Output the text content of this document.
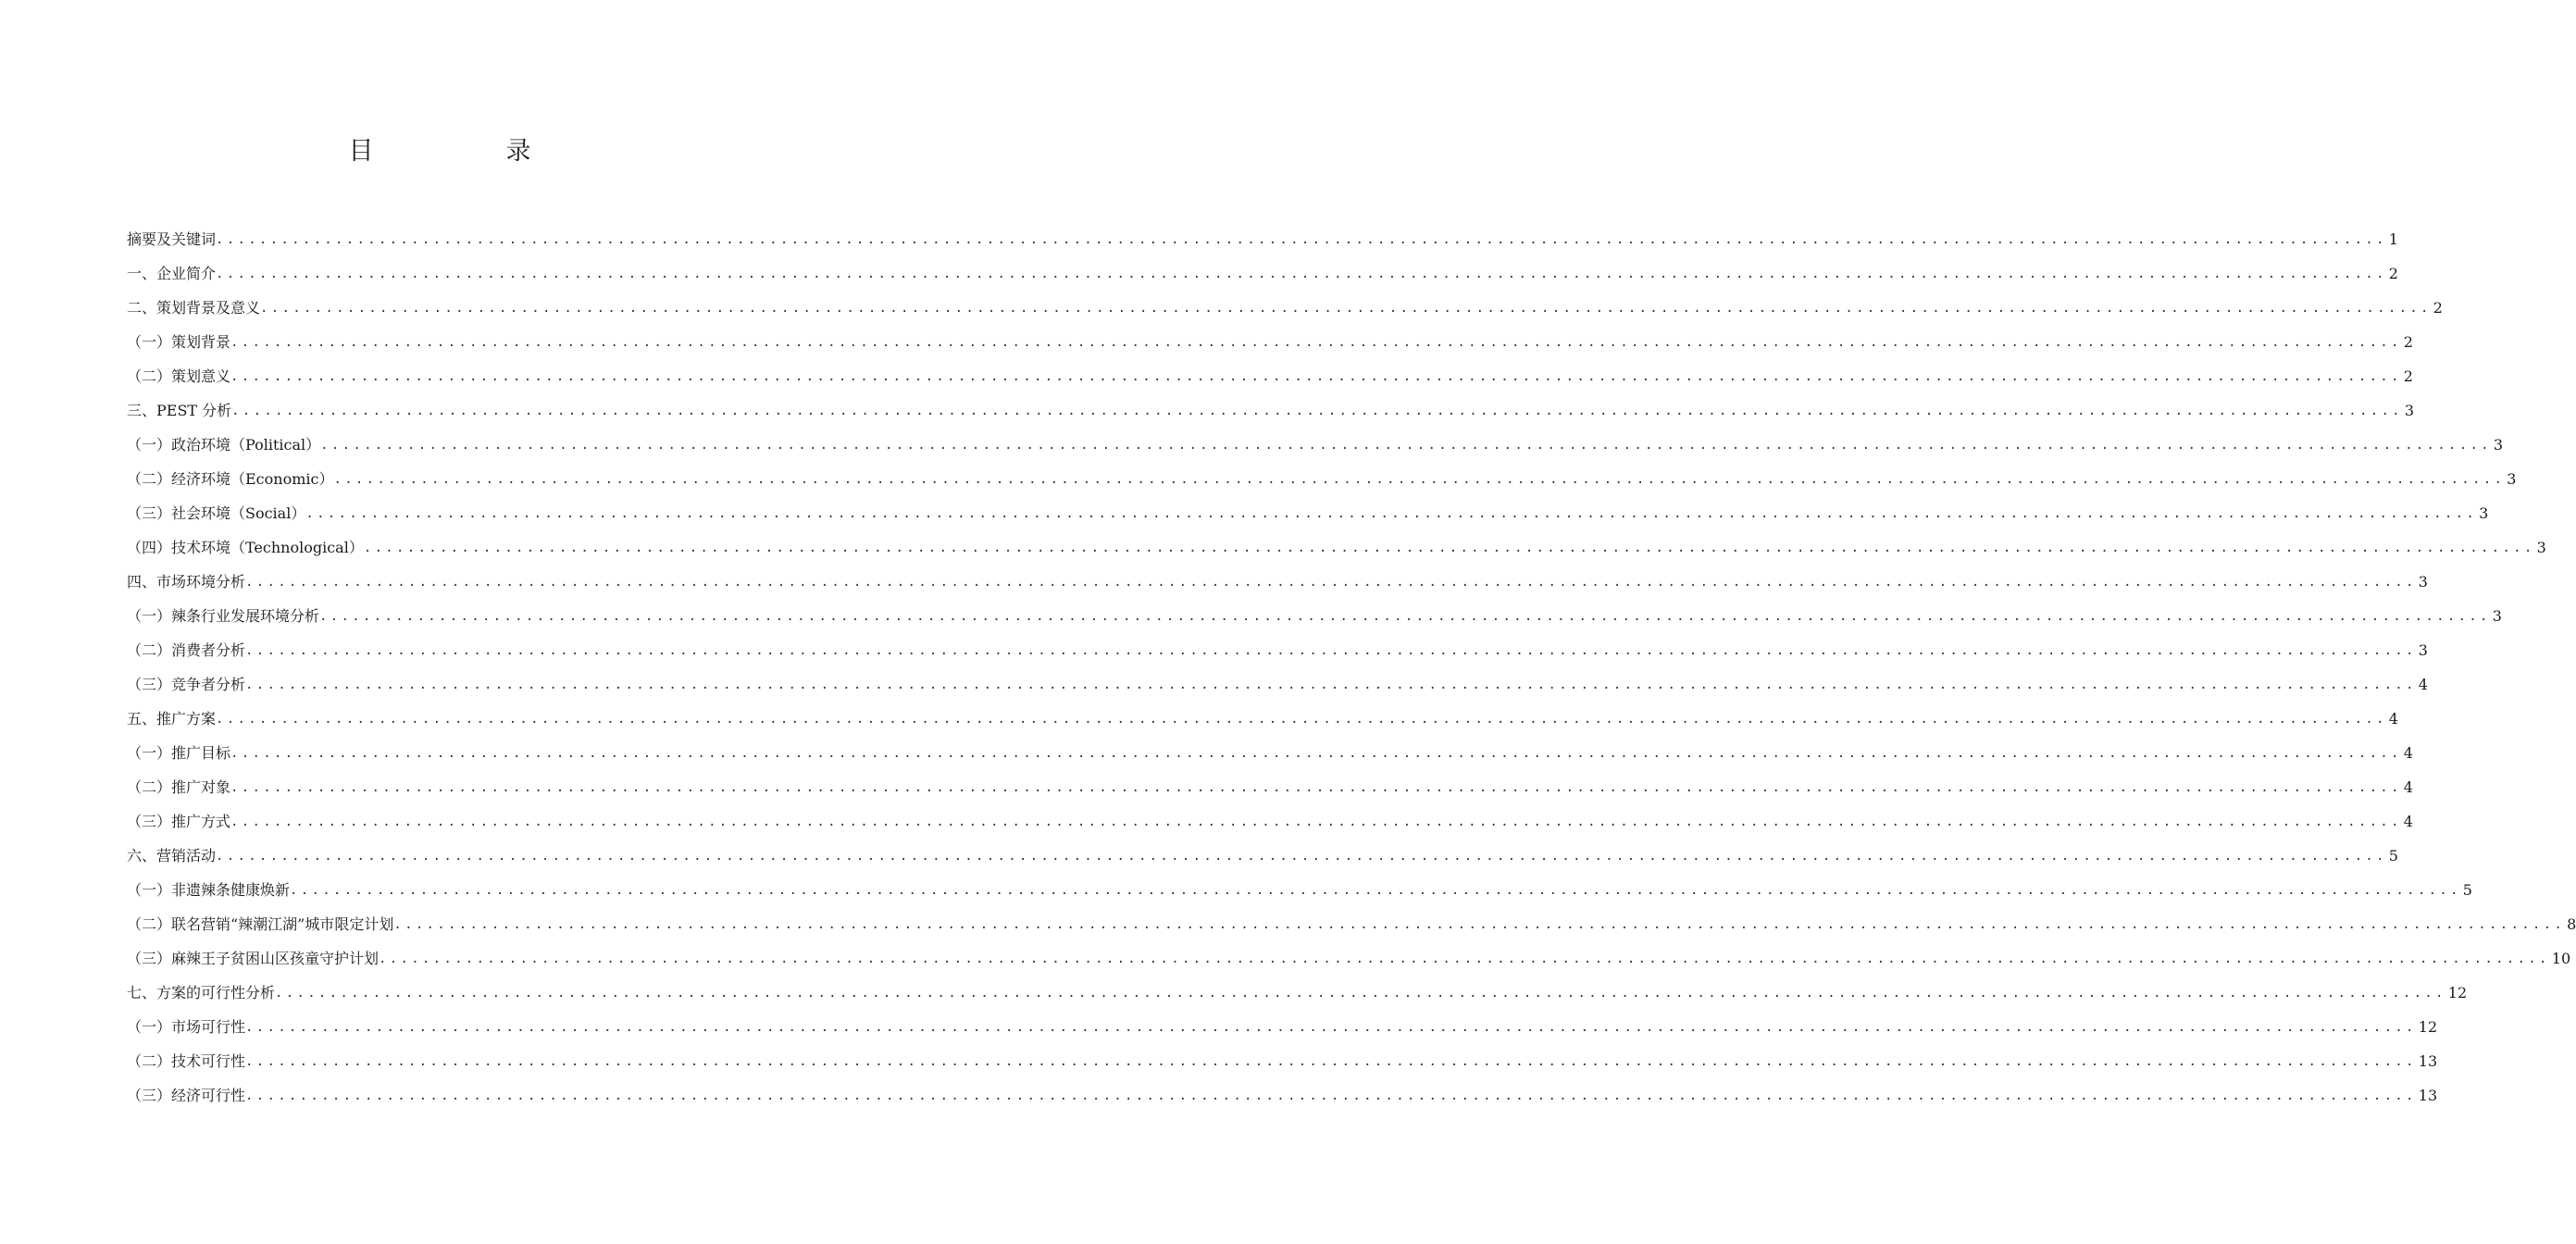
目　录
摘要及关键词 ........................................................................................................................................................................................................ 1
一、企业简介 ........................................................................................................................................................................................................ 2
二、策划背景及意义 ........................................................................................................................................................................................................ 2
（一）策划背景 ........................................................................................................................................................................................................ 2
（二）策划意义 ........................................................................................................................................................................................................ 2
三、PEST 分析 ........................................................................................................................................................................................................ 3
（一）政治环境（Political） ........................................................................................................................................................................................................ 3
（二）经济环境（Economic） ........................................................................................................................................................................................................ 3
（三）社会环境（Social） ........................................................................................................................................................................................................ 3
（四）技术环境（Technological） ........................................................................................................................................................................................................ 3
四、市场环境分析 ........................................................................................................................................................................................................ 3
（一）辣条行业发展环境分析 ........................................................................................................................................................................................................ 3
（二）消费者分析 ........................................................................................................................................................................................................ 3
（三）竞争者分析 ........................................................................................................................................................................................................ 4
五、推广方案 ........................................................................................................................................................................................................ 4
（一）推广目标 ........................................................................................................................................................................................................ 4
（二）推广对象 ........................................................................................................................................................................................................ 4
（三）推广方式 ........................................................................................................................................................................................................ 4
六、营销活动 ........................................................................................................................................................................................................ 5
（一）非遗辣条健康焕新 ........................................................................................................................................................................................................ 5
（二）联名营销“辣潮江湖”城市限定计划 ........................................................................................................................................................................................................ 8
（三）麻辣王子贫困山区孩童守护计划 ........................................................................................................................................................................................................ 10
七、方案的可行性分析 ........................................................................................................................................................................................................ 12
（一）市场可行性 ........................................................................................................................................................................................................ 12
（二）技术可行性 ........................................................................................................................................................................................................ 13
（三）经济可行性 ........................................................................................................................................................................................................ 13
